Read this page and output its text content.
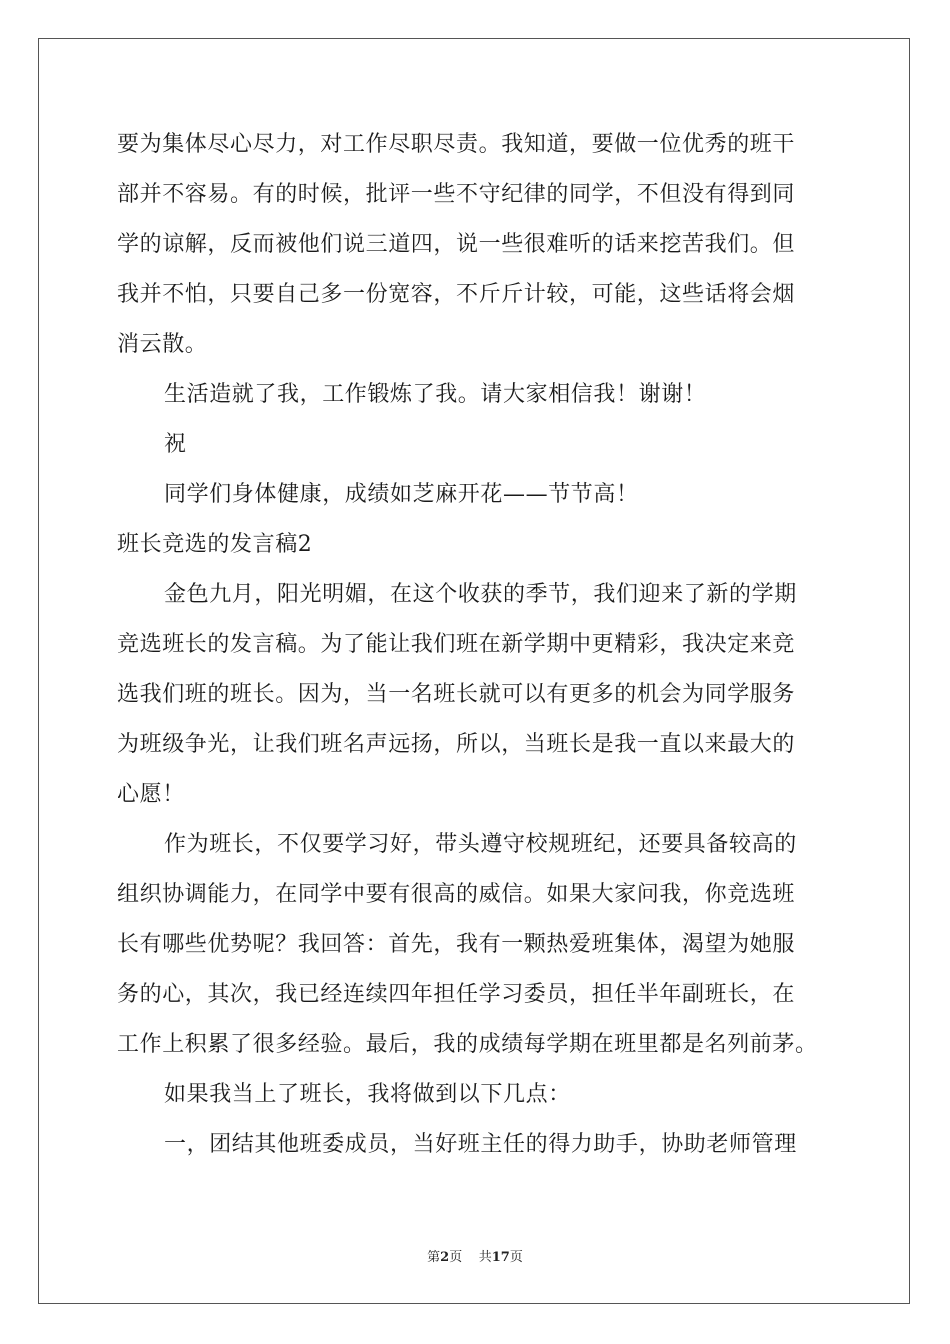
要为集体尽心尽力，对工作尽职尽责。我知道，要做一位优秀的班干
部并不容易。有的时候，批评一些不守纪律的同学，不但没有得到同
学的谅解，反而被他们说三道四，说一些很难听的话来挖苦我们。但
我并不怕，只要自己多一份宽容，不斤斤计较，可能，这些话将会烟
消云散。
生活造就了我，工作锻炼了我。请大家相信我！谢谢！
祝
同学们身体健康，成绩如芝麻开花——节节高！
班长竞选的发言稿2
金色九月，阳光明媚，在这个收获的季节，我们迎来了新的学期
竞选班长的发言稿。为了能让我们班在新学期中更精彩，我决定来竞
选我们班的班长。因为，当一名班长就可以有更多的机会为同学服务
为班级争光，让我们班名声远扬，所以，当班长是我一直以来最大的
心愿！
作为班长，不仅要学习好，带头遵守校规班纪，还要具备较高的
组织协调能力，在同学中要有很高的威信。如果大家问我，你竞选班
长有哪些优势呢？我回答：首先，我有一颗热爱班集体，渴望为她服
务的心，其次，我已经连续四年担任学习委员，担任半年副班长，在
工作上积累了很多经验。最后，我的成绩每学期在班里都是名列前茅。
如果我当上了班长，我将做到以下几点：
一，团结其他班委成员，当好班主任的得力助手，协助老师管理
第2页 共17页
